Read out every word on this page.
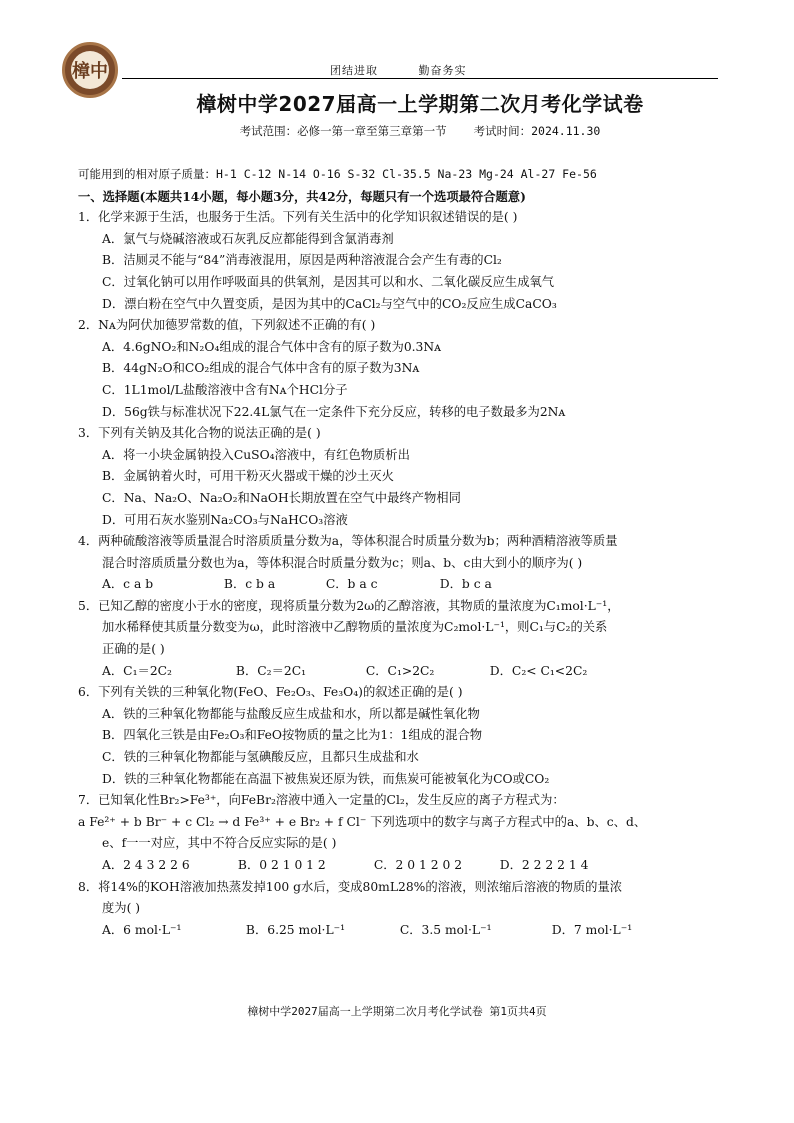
樟中	团结进取	勤奋务实
樟树中学2027届高一上学期第二次月考化学试卷
考试范围：必修一第一章至第三章第一节 考试时间：2024.11.30
可能用到的相对原子质量：H-1 C-12 N-14 O-16 S-32 Cl-35.5 Na-23 Mg-24 Al-27 Fe-56
一、选择题(本题共14小题，每小题3分，共42分，每题只有一个选项最符合题意)
1．化学来源于生活，也服务于生活。下列有关生活中的化学知识叙述错误的是( )
A．氯气与烧碱溶液或石灰乳反应都能得到含氯消毒剂
B．洁厕灵不能与“84”消毒液混用，原因是两种溶液混合会产生有毒的Cl₂
C．过氧化钠可以用作呼吸面具的供氧剂，是因其可以和水、二氧化碳反应生成氧气
D．漂白粉在空气中久置变质，是因为其中的CaCl₂与空气中的CO₂反应生成CaCO₃
2．Nᴀ为阿伏加德罗常数的值，下列叙述不正确的有( )
A．4.6gNO₂和N₂O₄组成的混合气体中含有的原子数为0.3Nᴀ
B．44gN₂O和CO₂组成的混合气体中含有的原子数为3Nᴀ
C．1L1mol/L盐酸溶液中含有Nᴀ个HCl分子
D．56g铁与标准状况下22.4L氯气在一定条件下充分反应，转移的电子数最多为2Nᴀ
3．下列有关钠及其化合物的说法正确的是( )
A．将一小块金属钠投入CuSO₄溶液中，有红色物质析出
B．金属钠着火时，可用干粉灭火器或干燥的沙土灭火
C．Na、Na₂O、Na₂O₂和NaOH长期放置在空气中最终产物相同
D．可用石灰水鉴别Na₂CO₃与NaHCO₃溶液
4．两种硫酸溶液等质量混合时溶质质量分数为a，等体积混合时质量分数为b；两种酒精溶液等质量
混合时溶质质量分数也为a，等体积混合时质量分数为c；则a、b、c由大到小的顺序为( )
A．c a b	B．c b a	C．b a c	D．b c a
5．已知乙醇的密度小于水的密度，现将质量分数为2ω的乙醇溶液，其物质的量浓度为C₁mol·L⁻¹，
加水稀释使其质量分数变为ω，此时溶液中乙醇物质的量浓度为C₂mol·L⁻¹，则C₁与C₂的关系
正确的是( )
A．C₁＝2C₂	B．C₂＝2C₁	C．C₁>2C₂	D．C₂< C₁<2C₂
6．下列有关铁的三种氧化物(FeO、Fe₂O₃、Fe₃O₄)的叙述正确的是( )
A．铁的三种氧化物都能与盐酸反应生成盐和水，所以都是碱性氧化物
B．四氧化三铁是由Fe₂O₃和FeO按物质的量之比为1：1组成的混合物
C．铁的三种氧化物都能与氢碘酸反应，且都只生成盐和水
D．铁的三种氧化物都能在高温下被焦炭还原为铁，而焦炭可能被氧化为CO或CO₂
7．已知氧化性Br₂>Fe³⁺，向FeBr₂溶液中通入一定量的Cl₂，发生反应的离子方程式为：
a Fe²⁺ + b Br⁻ + c Cl₂ → d Fe³⁺ + e Br₂ + f Cl⁻ 下列选项中的数字与离子方程式中的a、b、c、d、
e、f一一对应，其中不符合反应实际的是( )
A．2 4 3 2 2 6	B．0 2 1 0 1 2	C．2 0 1 2 0 2	D．2 2 2 2 1 4
8．将14%的KOH溶液加热蒸发掉100 g水后，变成80mL28%的溶液，则浓缩后溶液的物质的量浓
度为( )
A．6 mol·L⁻¹	B．6.25 mol·L⁻¹	C．3.5 mol·L⁻¹	D．7 mol·L⁻¹
樟树中学2027届高一上学期第二次月考化学试卷 第1页共4页
